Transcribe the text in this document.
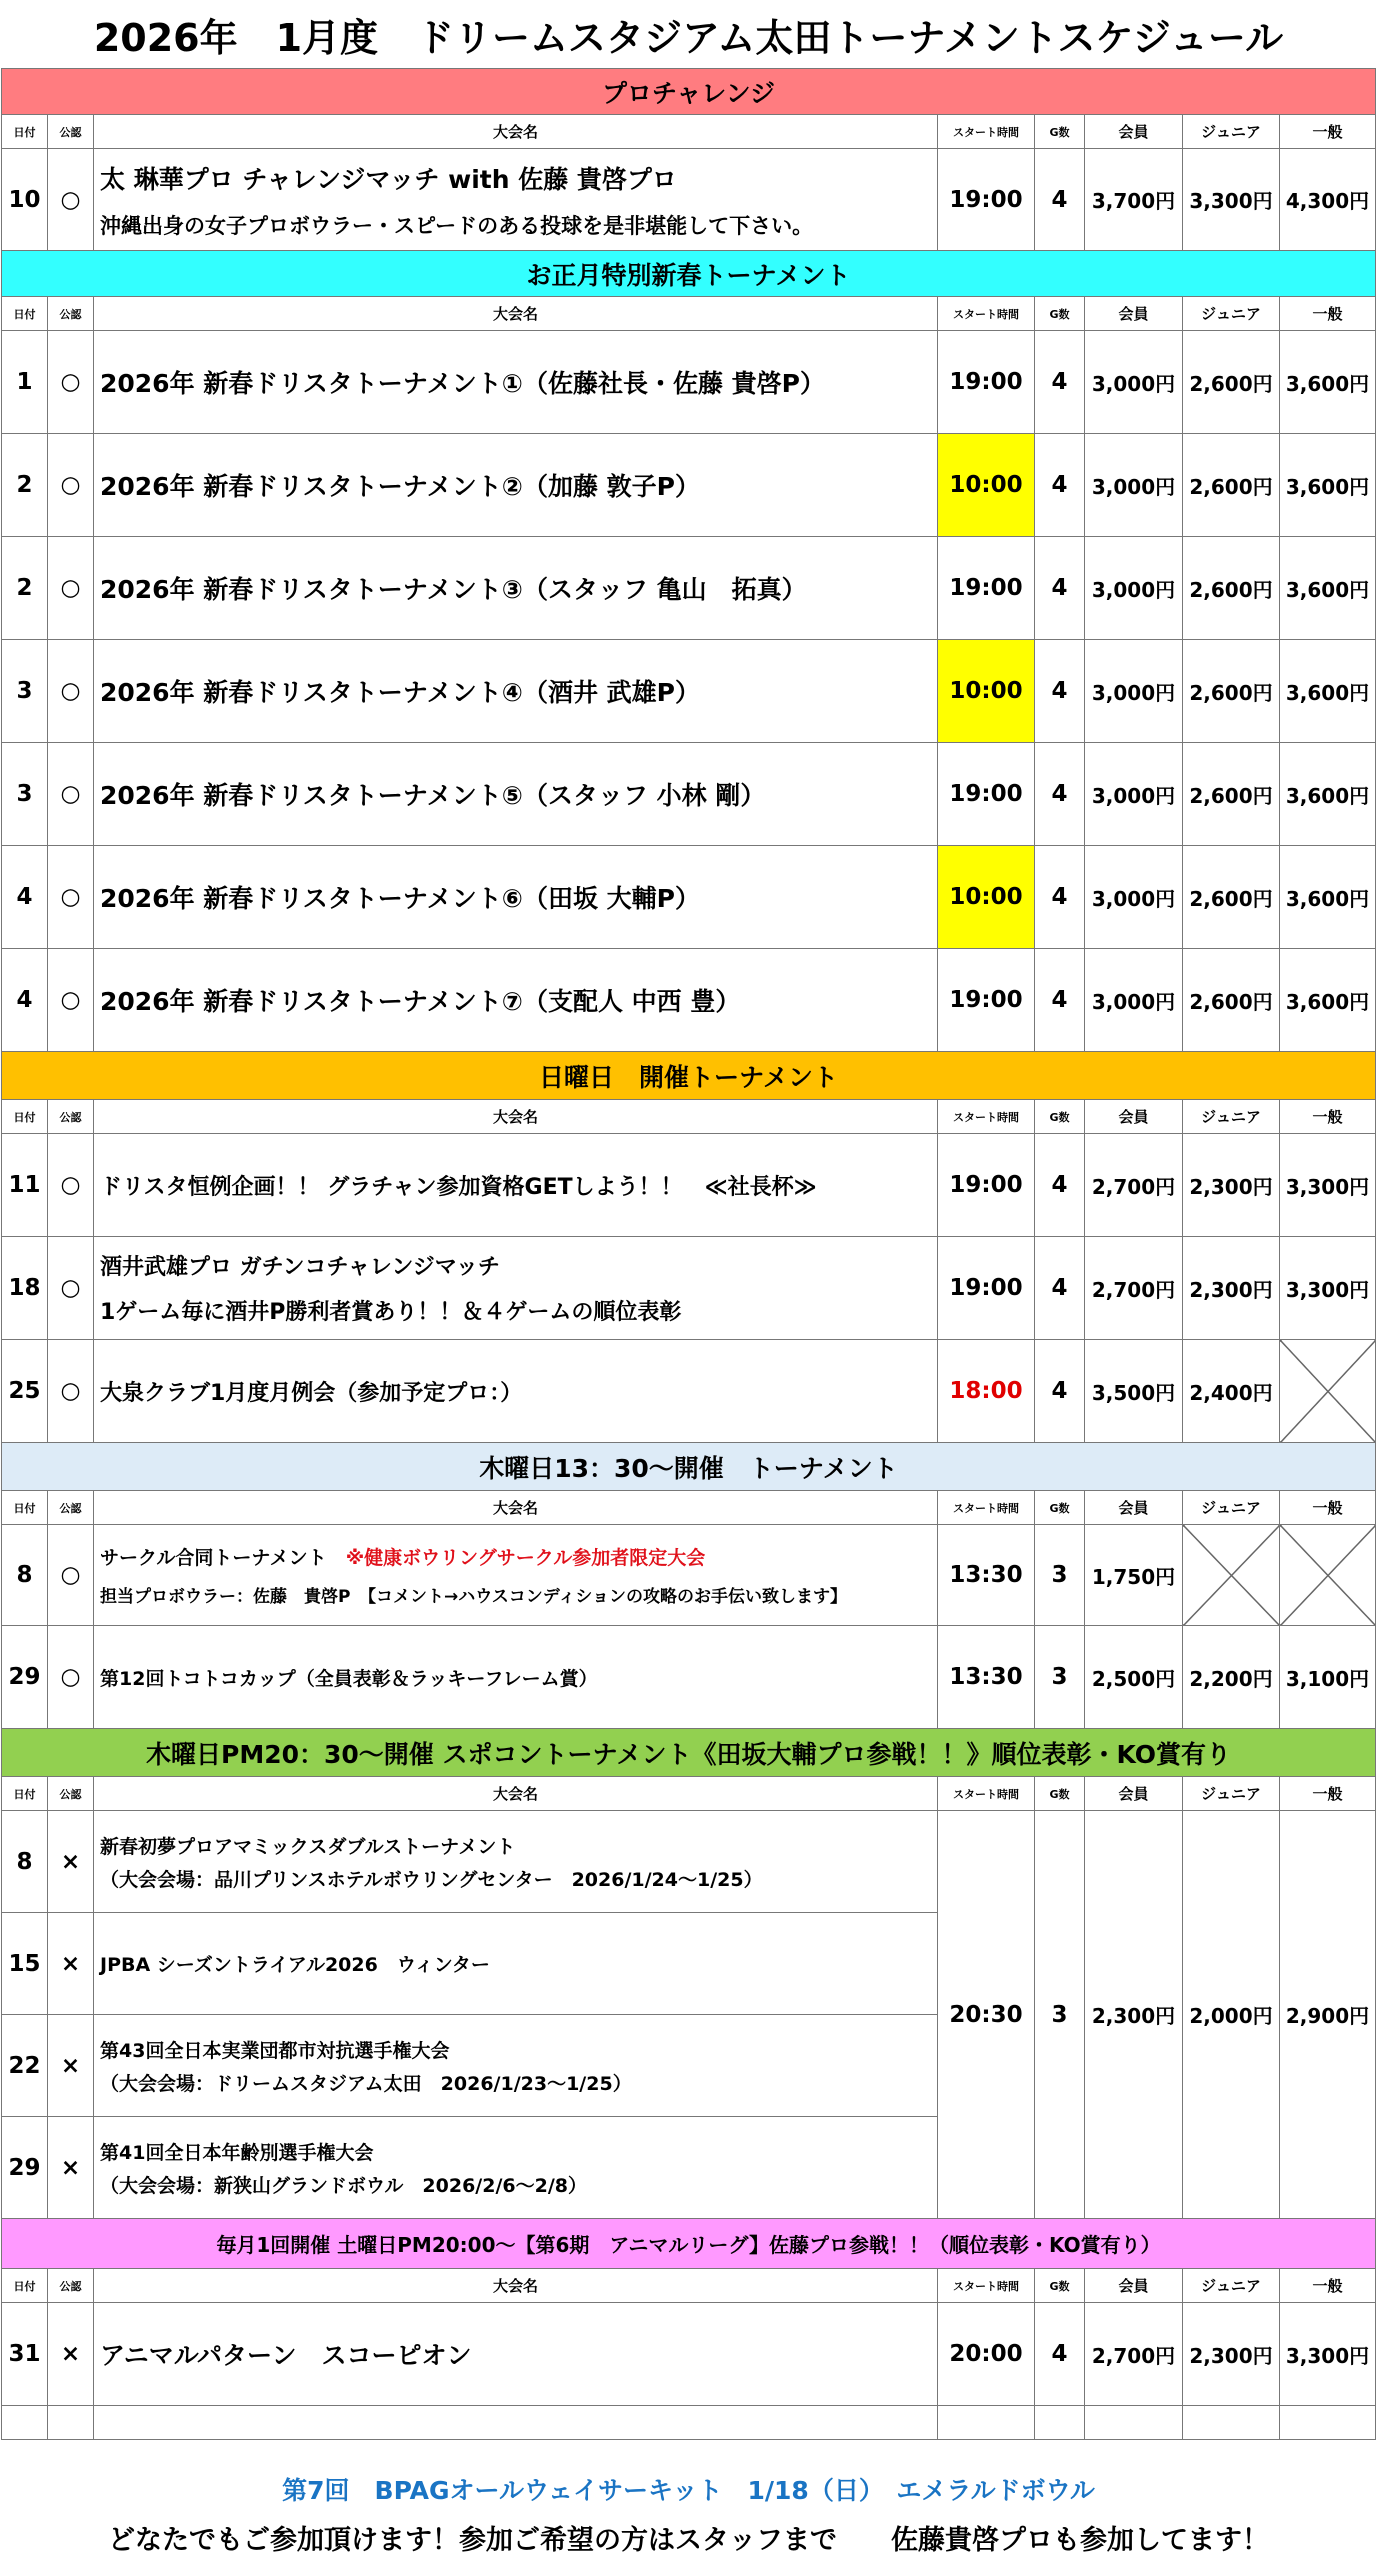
2026年　1月度　ドリームスタジアム太田トーナメントスケジュール
プロチャレンジ							
日付	公認	大会名	スタート時間	G数	会員	ジュニア	一般
10	○	太 琳華プロ チャレンジマッチ with 佐藤 貴啓プロ
沖縄出身の女子プロボウラー・スピードのある投球を是非堪能して下さい。	19:00	4	3,700円	3,300円	4,300円
お正月特別新春トーナメント							
日付	公認	大会名	スタート時間	G数	会員	ジュニア	一般
1	○	2026年 新春ドリスタトーナメント①（佐藤社長・佐藤 貴啓P）	19:00	4	3,000円	2,600円	3,600円
2	○	2026年 新春ドリスタトーナメント②（加藤 敦子P）	10:00	4	3,000円	2,600円	3,600円
2	○	2026年 新春ドリスタトーナメント③（スタッフ 亀山　拓真）	19:00	4	3,000円	2,600円	3,600円
3	○	2026年 新春ドリスタトーナメント④（酒井 武雄P）	10:00	4	3,000円	2,600円	3,600円
3	○	2026年 新春ドリスタトーナメント⑤（スタッフ 小林 剛）	19:00	4	3,000円	2,600円	3,600円
4	○	2026年 新春ドリスタトーナメント⑥（田坂 大輔P）	10:00	4	3,000円	2,600円	3,600円
4	○	2026年 新春ドリスタトーナメント⑦（支配人 中西 豊）	19:00	4	3,000円	2,600円	3,600円
日曜日　開催トーナメント							
日付	公認	大会名	スタート時間	G数	会員	ジュニア	一般
11	○	ドリスタ恒例企画！！ グラチャン参加資格GETしよう！！　≪社長杯≫	19:00	4	2,700円	2,300円	3,300円
18	○	酒井武雄プロ ガチンコチャレンジマッチ
1ゲーム毎に酒井P勝利者賞あり！！＆４ゲームの順位表彰	19:00	4	2,700円	2,300円	3,300円
25	○	大泉クラブ1月度月例会（参加予定プロ：）	18:00	4	3,500円	2,400円	
木曜日13：30～開催　トーナメント							
日付	公認	大会名	スタート時間	G数	会員	ジュニア	一般
8	○	サークル合同トーナメント　 ※健康ボウリングサークル参加者限定大会
担当プロボウラー：佐藤　貴啓P　【コメント→ハウスコンディションの攻略のお手伝い致します】	13:30	3	1,750円		
29	○	第12回トコトコカップ（全員表彰＆ラッキーフレーム賞）	13:30	3	2,500円	2,200円	3,100円
木曜日PM20：30～開催 スポコントーナメント《田坂大輔プロ参戦！！》順位表彰・KO賞有り							
日付	公認	大会名	スタート時間	G数	会員	ジュニア	一般
8	×	新春初夢プロアマミックスダブルストーナメント
（大会会場：品川プリンスホテルボウリングセンター　2026/1/24～1/25）	20:30	3	2,300円	2,000円	2,900円
15	×	JPBA シーズントライアル2026　ウィンター					
22	×	第43回全日本実業団都市対抗選手権大会
（大会会場：ドリームスタジアム太田　2026/1/23～1/25）					

29	×	第41回全日本年齢別選手権大会
（大会会場：新狭山グランドボウル　2026/2/6～2/8）					

毎月1回開催 土曜日PM20:00～【第6期　アニマルリーグ】佐藤プロ参戦！！（順位表彰・KO賞有り）							
日付	公認	大会名	スタート時間	G数	会員	ジュニア	一般
31	×	アニマルパターン　スコーピオン	20:00	4	2,700円	2,300円	3,300円

第7回　BPAGオールウェイサーキット　1/18（日）　エメラルドボウル
どなたでもご参加頂けます！参加ご希望の方はスタッフまで　　佐藤貴啓プロも参加してます！
